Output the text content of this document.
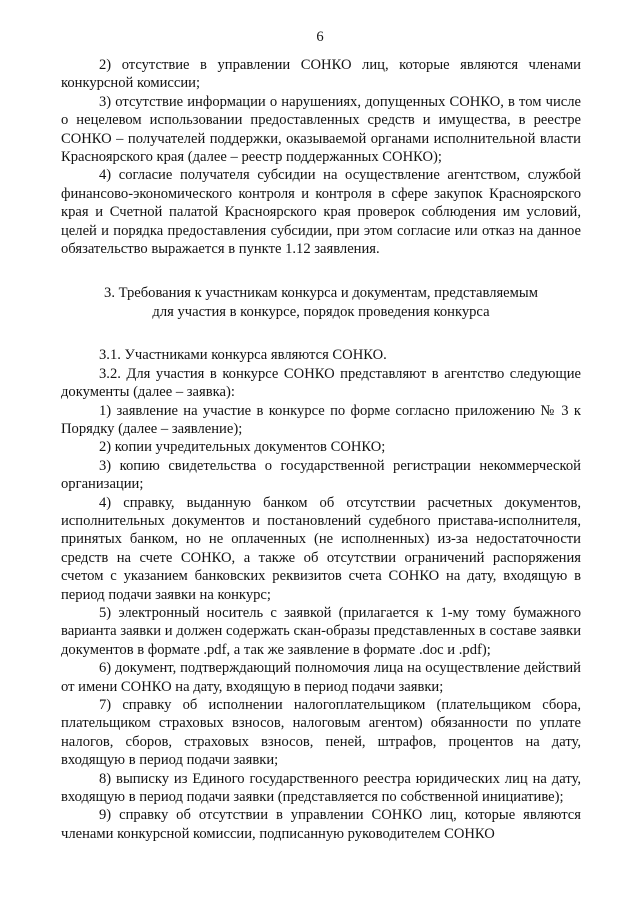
6

2) отсутствие в управлении СОНКО лиц, которые являются членами конкурсной комиссии;

3) отсутствие информации о нарушениях, допущенных СОНКО, в том числе о нецелевом использовании предоставленных средств и имущества, в реестре СОНКО – получателей поддержки, оказываемой органами исполнительной власти Красноярского края (далее – реестр поддержанных СОНКО);

4) согласие получателя субсидии на осуществление агентством, службой финансово-экономического контроля и контроля в сфере закупок Красноярского края и Счетной палатой Красноярского края проверок соблюдения им условий, целей и порядка предоставления субсидии, при этом согласие или отказ на данное обязательство выражается в пункте 1.12 заявления.

3. Требования к участникам конкурса и документам, представляемым
для участия в конкурсе, порядок проведения конкурса

3.1. Участниками конкурса являются СОНКО.

3.2. Для участия в конкурсе СОНКО представляют в агентство следующие документы (далее – заявка):

1) заявление на участие в конкурсе по форме согласно приложению № 3 к Порядку (далее – заявление);

2) копии учредительных документов СОНКО;

3) копию свидетельства о государственной регистрации некоммерческой организации;

4) справку, выданную банком об отсутствии расчетных документов, исполнительных документов и постановлений судебного пристава-исполнителя, принятых банком, но не оплаченных (не исполненных) из-за недостаточности средств на счете СОНКО, а также об отсутствии ограничений распоряжения счетом с указанием банковских реквизитов счета СОНКО на дату, входящую в период подачи заявки на конкурс;

5) электронный носитель с заявкой (прилагается к 1-му тому бумажного варианта заявки и должен содержать скан-образы представленных в составе заявки документов в формате .pdf, а так же заявление в формате .doc и .pdf);

6) документ, подтверждающий полномочия лица на осуществление действий от имени СОНКО на дату, входящую в период подачи заявки;

7) справку об исполнении налогоплательщиком (плательщиком сбора, плательщиком страховых взносов, налоговым агентом) обязанности по уплате налогов, сборов, страховых взносов, пеней, штрафов, процентов на дату, входящую в период подачи заявки;

8) выписку из Единого государственного реестра юридических лиц на дату, входящую в период подачи заявки (представляется по собственной инициативе);

9) справку об отсутствии в управлении СОНКО лиц, которые являются членами конкурсной комиссии, подписанную руководителем СОНКО
